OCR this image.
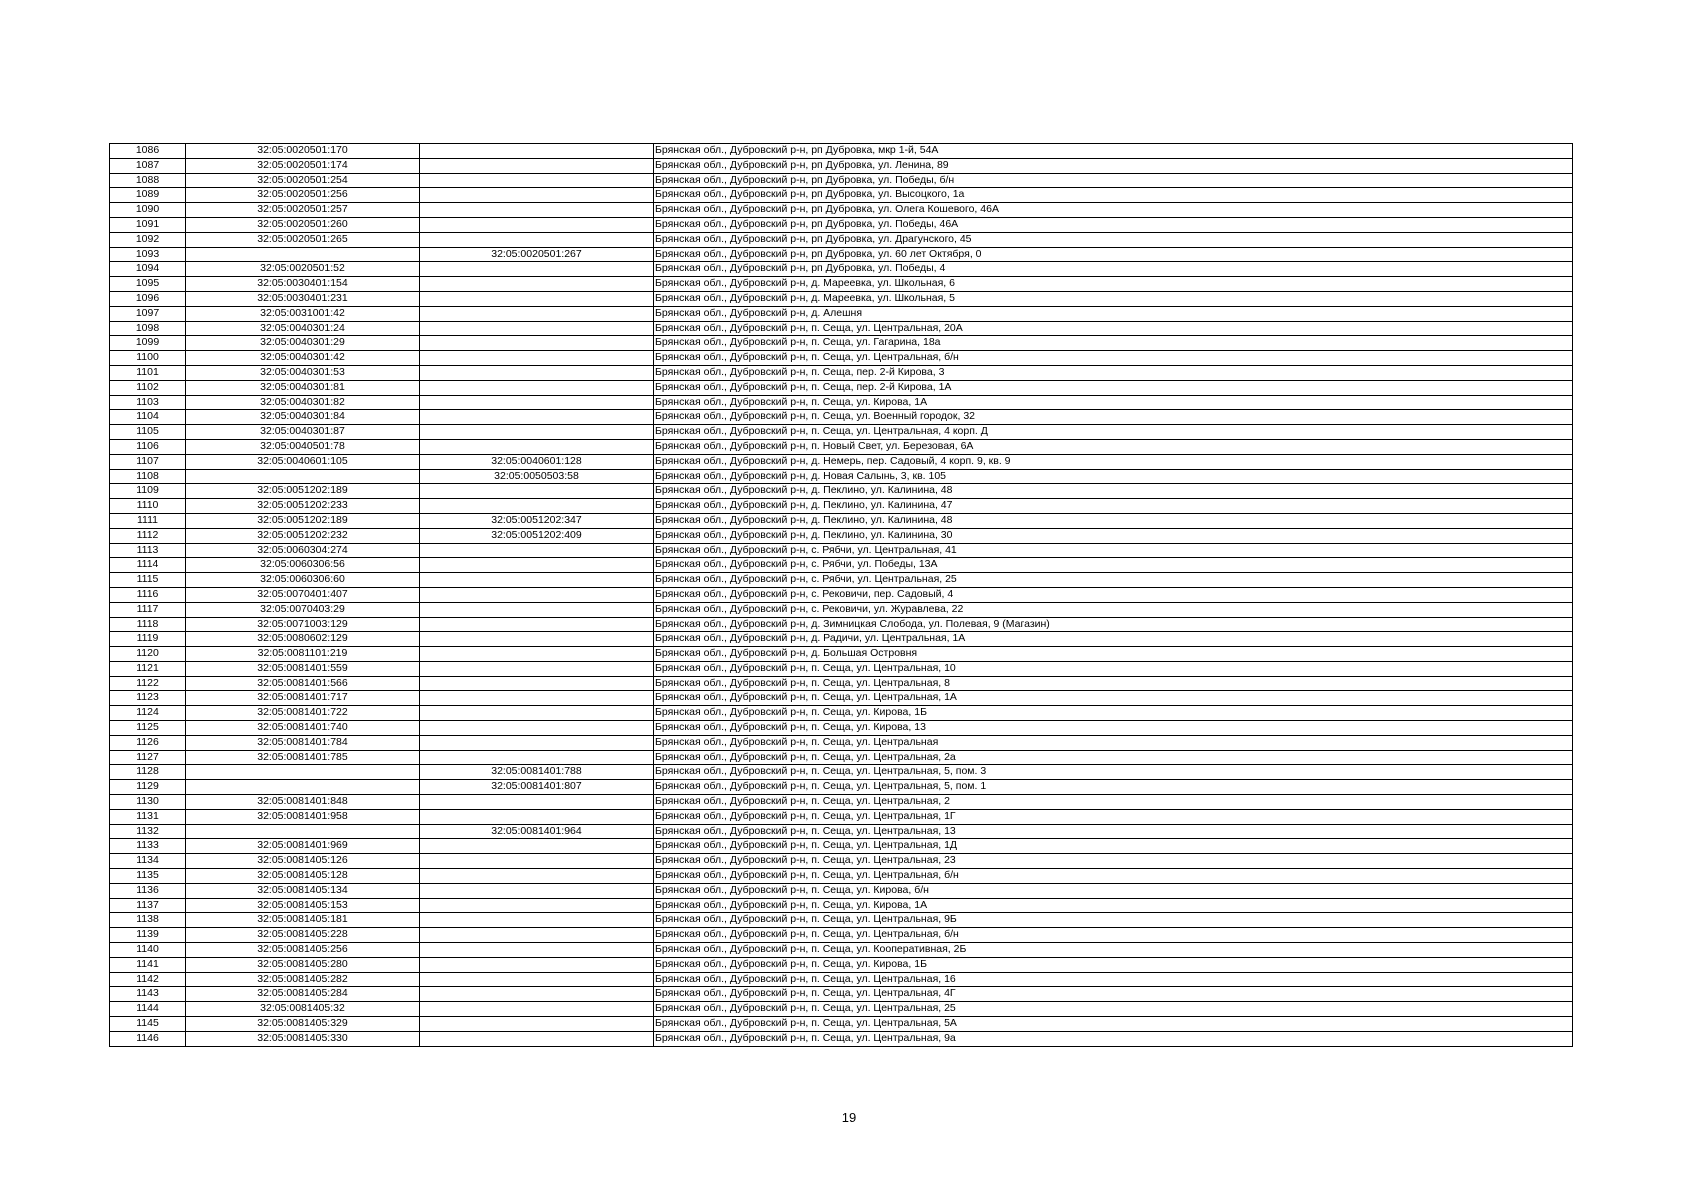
1086	32:05:0020501:170		Брянская обл., Дубровский р-н, рп Дубровка, мкр 1-й, 54А
1087	32:05:0020501:174		Брянская обл., Дубровский р-н, рп Дубровка, ул. Ленина, 89
1088	32:05:0020501:254		Брянская обл., Дубровский р-н, рп Дубровка, ул. Победы, б/н
1089	32:05:0020501:256		Брянская обл., Дубровский р-н, рп Дубровка, ул. Высоцкого, 1а
1090	32:05:0020501:257		Брянская обл., Дубровский р-н, рп Дубровка, ул. Олега Кошевого, 46А
1091	32:05:0020501:260		Брянская обл., Дубровский р-н, рп Дубровка, ул. Победы, 46А
1092	32:05:0020501:265		Брянская обл., Дубровский р-н, рп Дубровка, ул. Драгунского, 45
1093		32:05:0020501:267	Брянская обл., Дубровский р-н, рп Дубровка, ул. 60 лет Октября, 0
1094	32:05:0020501:52		Брянская обл., Дубровский р-н, рп Дубровка, ул. Победы, 4
1095	32:05:0030401:154		Брянская обл., Дубровский р-н, д. Мареевка, ул. Школьная, 6
1096	32:05:0030401:231		Брянская обл., Дубровский р-н, д. Мареевка, ул. Школьная, 5
1097	32:05:0031001:42		Брянская обл., Дубровский р-н, д. Алешня
1098	32:05:0040301:24		Брянская обл., Дубровский р-н, п. Сеща, ул. Центральная, 20А
1099	32:05:0040301:29		Брянская обл., Дубровский р-н, п. Сеща, ул. Гагарина, 18а
1100	32:05:0040301:42		Брянская обл., Дубровский р-н, п. Сеща, ул. Центральная, б/н
1101	32:05:0040301:53		Брянская обл., Дубровский р-н, п. Сеща, пер. 2-й Кирова, 3
1102	32:05:0040301:81		Брянская обл., Дубровский р-н, п. Сеща, пер. 2-й Кирова, 1А
1103	32:05:0040301:82		Брянская обл., Дубровский р-н, п. Сеща, ул. Кирова, 1А
1104	32:05:0040301:84		Брянская обл., Дубровский р-н, п. Сеща, ул. Военный городок, 32
1105	32:05:0040301:87		Брянская обл., Дубровский р-н, п. Сеща, ул. Центральная, 4 корп. Д
1106	32:05:0040501:78		Брянская обл., Дубровский р-н, п. Новый Свет, ул. Березовая, 6А
1107	32:05:0040601:105	32:05:0040601:128	Брянская обл., Дубровский р-н, д. Немерь, пер. Садовый, 4 корп. 9, кв. 9
1108		32:05:0050503:58	Брянская обл., Дубровский р-н, д. Новая Салынь, 3, кв. 105
1109	32:05:0051202:189		Брянская обл., Дубровский р-н, д. Пеклино, ул. Калинина, 48
1110	32:05:0051202:233		Брянская обл., Дубровский р-н, д. Пеклино, ул. Калинина, 47
1111	32:05:0051202:189	32:05:0051202:347	Брянская обл., Дубровский р-н, д. Пеклино, ул. Калинина, 48
1112	32:05:0051202:232	32:05:0051202:409	Брянская обл., Дубровский р-н, д. Пеклино, ул. Калинина, 30
1113	32:05:0060304:274		Брянская обл., Дубровский р-н, с. Рябчи, ул. Центральная, 41
1114	32:05:0060306:56		Брянская обл., Дубровский р-н, с. Рябчи, ул. Победы, 13А
1115	32:05:0060306:60		Брянская обл., Дубровский р-н, с. Рябчи, ул. Центральная, 25
1116	32:05:0070401:407		Брянская обл., Дубровский р-н, с. Рековичи, пер. Садовый, 4
1117	32:05:0070403:29		Брянская обл., Дубровский р-н, с. Рековичи, ул. Журавлева, 22
1118	32:05:0071003:129		Брянская обл., Дубровский р-н, д. Зимницкая Слобода, ул. Полевая, 9 (Магазин)
1119	32:05:0080602:129		Брянская обл., Дубровский р-н, д. Радичи, ул. Центральная, 1А
1120	32:05:0081101:219		Брянская обл., Дубровский р-н, д. Большая Островня
1121	32:05:0081401:559		Брянская обл., Дубровский р-н, п. Сеща, ул. Центральная, 10
1122	32:05:0081401:566		Брянская обл., Дубровский р-н, п. Сеща, ул. Центральная, 8
1123	32:05:0081401:717		Брянская обл., Дубровский р-н, п. Сеща, ул. Центральная, 1А
1124	32:05:0081401:722		Брянская обл., Дубровский р-н, п. Сеща, ул. Кирова, 1Б
1125	32:05:0081401:740		Брянская обл., Дубровский р-н, п. Сеща, ул. Кирова, 13
1126	32:05:0081401:784		Брянская обл., Дубровский р-н, п. Сеща, ул. Центральная
1127	32:05:0081401:785		Брянская обл., Дубровский р-н, п. Сеща, ул. Центральная, 2а
1128		32:05:0081401:788	Брянская обл., Дубровский р-н, п. Сеща, ул. Центральная, 5, пом. 3
1129		32:05:0081401:807	Брянская обл., Дубровский р-н, п. Сеща, ул. Центральная, 5, пом. 1
1130	32:05:0081401:848		Брянская обл., Дубровский р-н, п. Сеща, ул. Центральная, 2
1131	32:05:0081401:958		Брянская обл., Дубровский р-н, п. Сеща, ул. Центральная, 1Г
1132		32:05:0081401:964	Брянская обл., Дубровский р-н, п. Сеща, ул. Центральная, 13
1133	32:05:0081401:969		Брянская обл., Дубровский р-н, п. Сеща, ул. Центральная, 1Д
1134	32:05:0081405:126		Брянская обл., Дубровский р-н, п. Сеща, ул. Центральная, 23
1135	32:05:0081405:128		Брянская обл., Дубровский р-н, п. Сеща, ул. Центральная, б/н
1136	32:05:0081405:134		Брянская обл., Дубровский р-н, п. Сеща, ул. Кирова, б/н
1137	32:05:0081405:153		Брянская обл., Дубровский р-н, п. Сеща, ул. Кирова, 1А
1138	32:05:0081405:181		Брянская обл., Дубровский р-н, п. Сеща, ул. Центральная, 9Б
1139	32:05:0081405:228		Брянская обл., Дубровский р-н, п. Сеща, ул. Центральная, б/н
1140	32:05:0081405:256		Брянская обл., Дубровский р-н, п. Сеща, ул. Кооперативная, 2Б
1141	32:05:0081405:280		Брянская обл., Дубровский р-н, п. Сеща, ул. Кирова, 1Б
1142	32:05:0081405:282		Брянская обл., Дубровский р-н, п. Сеща, ул. Центральная, 16
1143	32:05:0081405:284		Брянская обл., Дубровский р-н, п. Сеща, ул. Центральная, 4Г
1144	32:05:0081405:32		Брянская обл., Дубровский р-н, п. Сеща, ул. Центральная, 25
1145	32:05:0081405:329		Брянская обл., Дубровский р-н, п. Сеща, ул. Центральная, 5А
1146	32:05:0081405:330		Брянская обл., Дубровский р-н, п. Сеща, ул. Центральная, 9а
19
